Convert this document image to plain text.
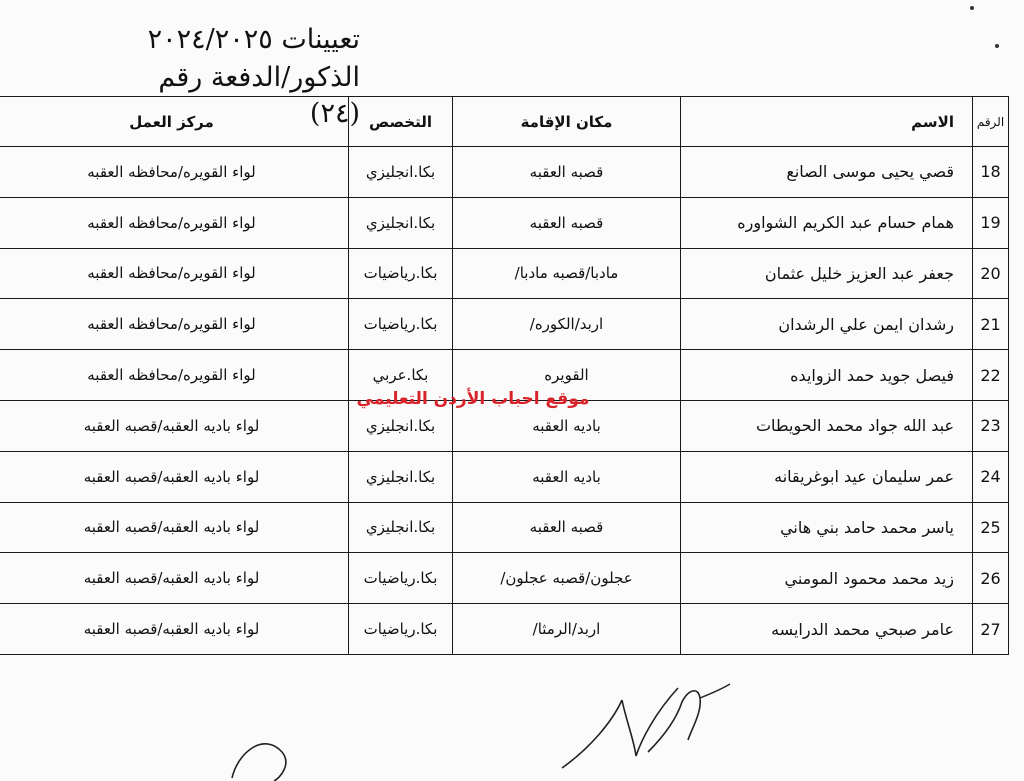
تعيينات ٢٠٢٤/٢٠٢٥
الذكور/الدفعة رقم (٢٤)
مركز العمل	التخصص	مكان الإقامة	الاسم	الرقم
لواء القويره/محافظه العقبه	بكا.انجليزي	قصبه العقبه	قصي يحيى موسى الصانع	18
لواء القويره/محافظه العقبه	بكا.انجليزي	قصبه العقبه	همام حسام عبد الكريم الشواوره	19
لواء القويره/محافظه العقبه	بكا.رياضيات	/مادبا/قصبه مادبا	جعفر عبد العزيز خليل عثمان	20
لواء القويره/محافظه العقبه	بكا.رياضيات	/اربد/الكوره	رشدان ايمن علي الرشدان	21
لواء القويره/محافظه العقبه	بكا.عربي	القويره	فيصل جويد حمد الزوايده	22
لواء باديه العقبه/قصبه العقبه	بكا.انجليزي	باديه العقبه	عبد الله جواد محمد الحويطات	23
لواء باديه العقبه/قصبه العقبه	بكا.انجليزي	باديه العقبه	عمر سليمان عيد ابوغريقانه	24
لواء باديه العقبه/قصبه العقبه	بكا.انجليزي	قصبه العقبه	ياسر محمد حامد بني هاني	25
لواء باديه العقبه/قصبه العقبه	بكا.رياضيات	/عجلون/قصبه عجلون	زيد محمد محمود المومني	26
لواء باديه العقبه/قصبه العقبه	بكا.رياضيات	/اربد/الرمثا	عامر صبحي محمد الدرايسه	27
موقع احباب الأردن التعليمي
